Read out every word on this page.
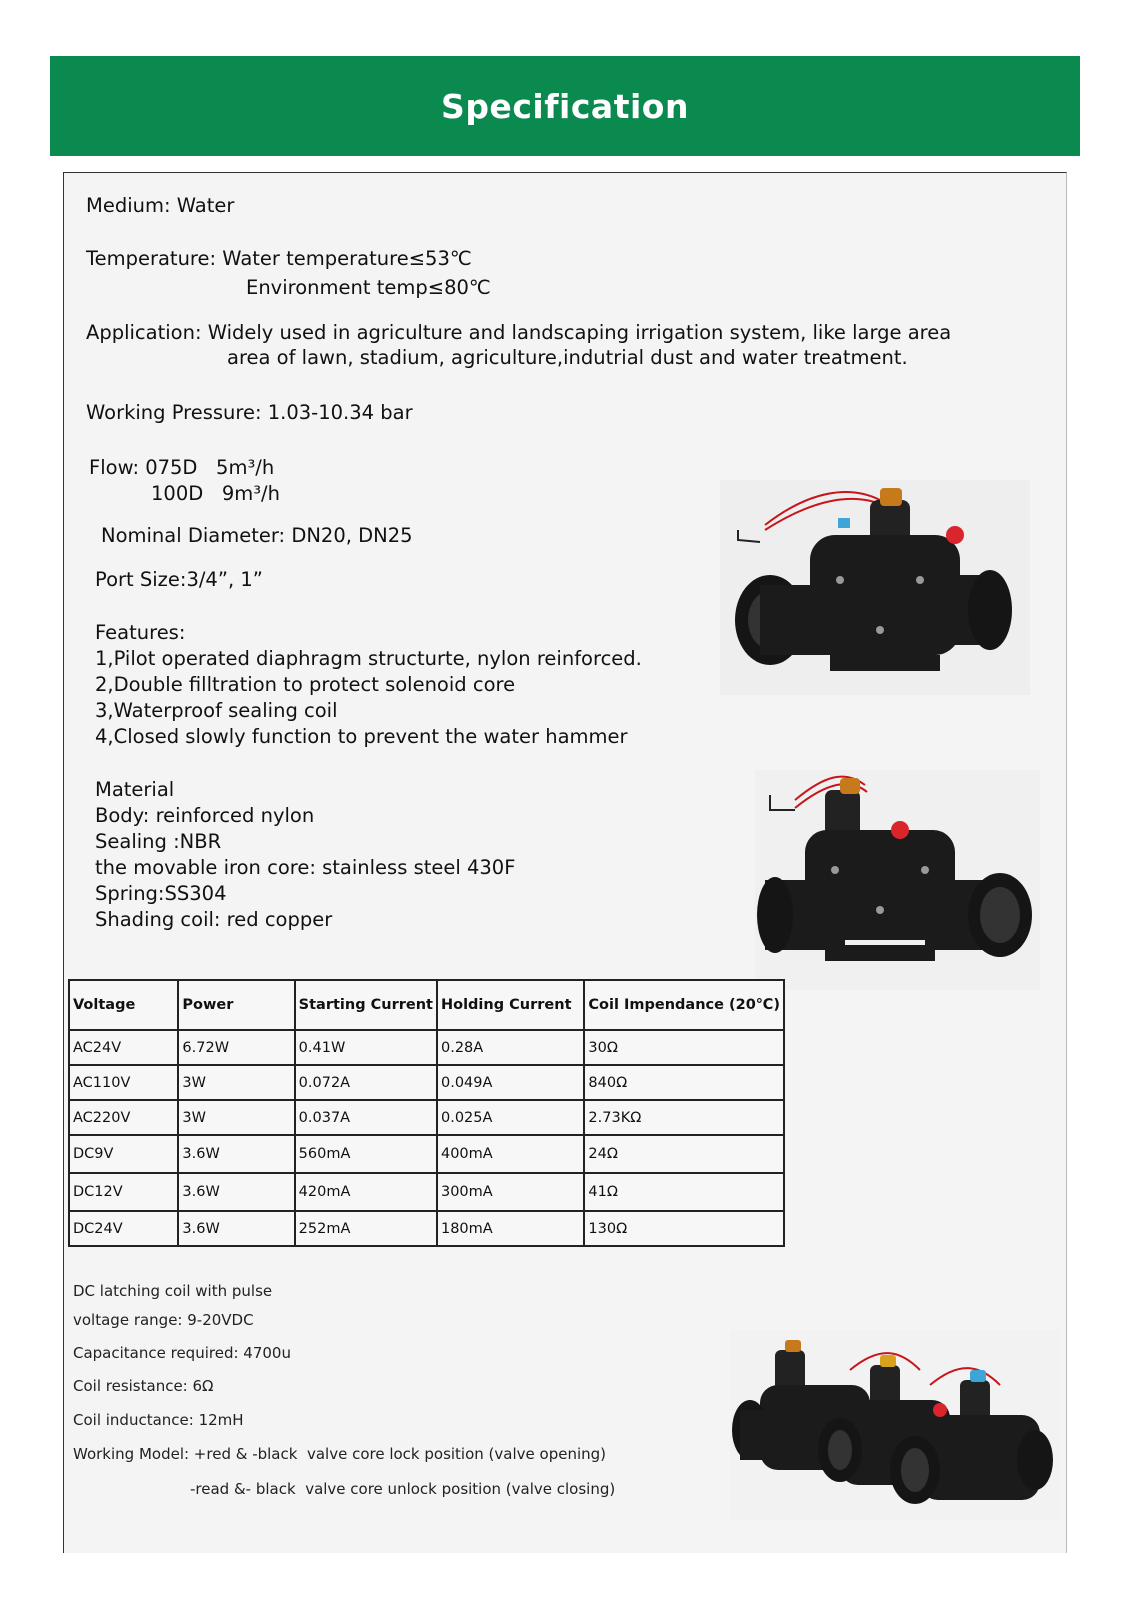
Specification
Medium: Water
Temperature: Water temperature≤53℃
Environment temp≤80℃
Application: Widely used in agriculture and landscaping irrigation system, like large area
area of lawn, stadium, agriculture,indutrial dust and water treatment.
Working Pressure: 1.03-10.34 bar
Flow: 075D   5m³/h
100D   9m³/h
Nominal Diameter: DN20, DN25
Port Size:3/4”, 1”
Features:
1,Pilot operated diaphragm structurte, nylon reinforced.
2,Double filltration to protect solenoid core
3,Waterproof sealing coil
4,Closed slowly function to prevent the water hammer
Material
Body: reinforced nylon
Sealing :NBR
the movable iron core: stainless steel 430F
Spring:SS304
Shading coil: red copper
Voltage	Power	Starting Current	Holding Current	Coil Impendance (20℃)
AC24V	6.72W	0.41W	0.28A	30Ω
AC110V	3W	0.072A	0.049A	840Ω
AC220V	3W	0.037A	0.025A	2.73KΩ
DC9V	3.6W	560mA	400mA	24Ω
DC12V	3.6W	420mA	300mA	41Ω
DC24V	3.6W	252mA	180mA	130Ω
DC latching coil with pulse
voltage range: 9-20VDC
Capacitance required: 4700u
Coil resistance: 6Ω
Coil inductance: 12mH
Working Model: +red & -black  valve core lock position (valve opening)
-read &- black  valve core unlock position (valve closing)
